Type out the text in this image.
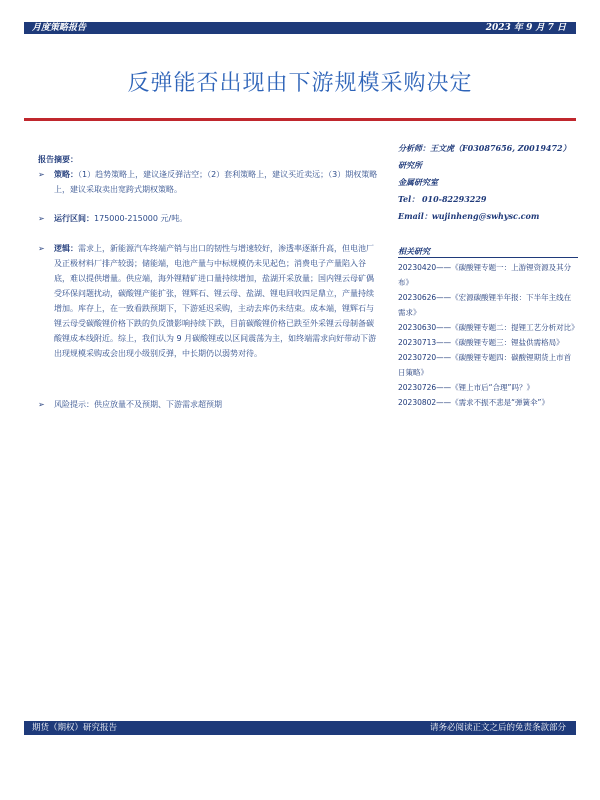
月度策略报告	2023 年 9 月 7 日
反弹能否出现由下游规模采购决定
报告摘要：
➢ 策略：（1）趋势策略上，建议逢反弹沽空；（2）套利策略上，建议买近卖远；（3）期权策略上，建议采取卖出宽跨式期权策略。
➢ 运行区间：175000-215000 元/吨。
➢ 逻辑：需求上，新能源汽车终端产销与出口的韧性与增速较好，渗透率逐渐升高，但电池厂及正极材料厂排产较弱；储能端，电池产量与中标规模仍未见起色；消费电子产量陷入谷底，难以提供增量。供应端，海外锂精矿进口量持续增加，盐湖开采放量；国内锂云母矿偶受环保问题扰动，碳酸锂产能扩张，锂辉石、锂云母、盐湖、锂电回收四足鼎立，产量持续增加。库存上，在一致看跌预期下，下游延迟采购，主动去库仍未结束。成本端，锂辉石与锂云母受碳酸锂价格下跌的负反馈影响持续下跌，目前碳酸锂价格已跌至外采锂云母制备碳酸锂成本线附近。综上，我们认为 9 月碳酸锂或以区间震荡为主，如终端需求向好带动下游出现规模采购或会出现小级别反弹，中长期仍以弱势对待。
➢ 风险提示：供应放量不及预期、下游需求超预期
分析师：王文虎（F03087656, Z0019472）
研究所
金属研究室
Tel： 010-82293229
Email：wujinheng@swhysc.com
相关研究
20230420——《碳酸锂专题一：上游锂资源及其分布》
20230626——《宏源碳酸锂半年报：下半年主线在需求》
20230630——《碳酸锂专题二：提锂工艺分析对比》
20230713——《碳酸锂专题三：锂盐供需格局》
20230720——《碳酸锂专题四：碳酸锂期货上市首日策略》
20230726——《锂上市后“合理”吗？》
20230802——《需求不振不悲是“弹簧伞”》
期货（期权）研究报告	请务必阅读正文之后的免责条款部分
